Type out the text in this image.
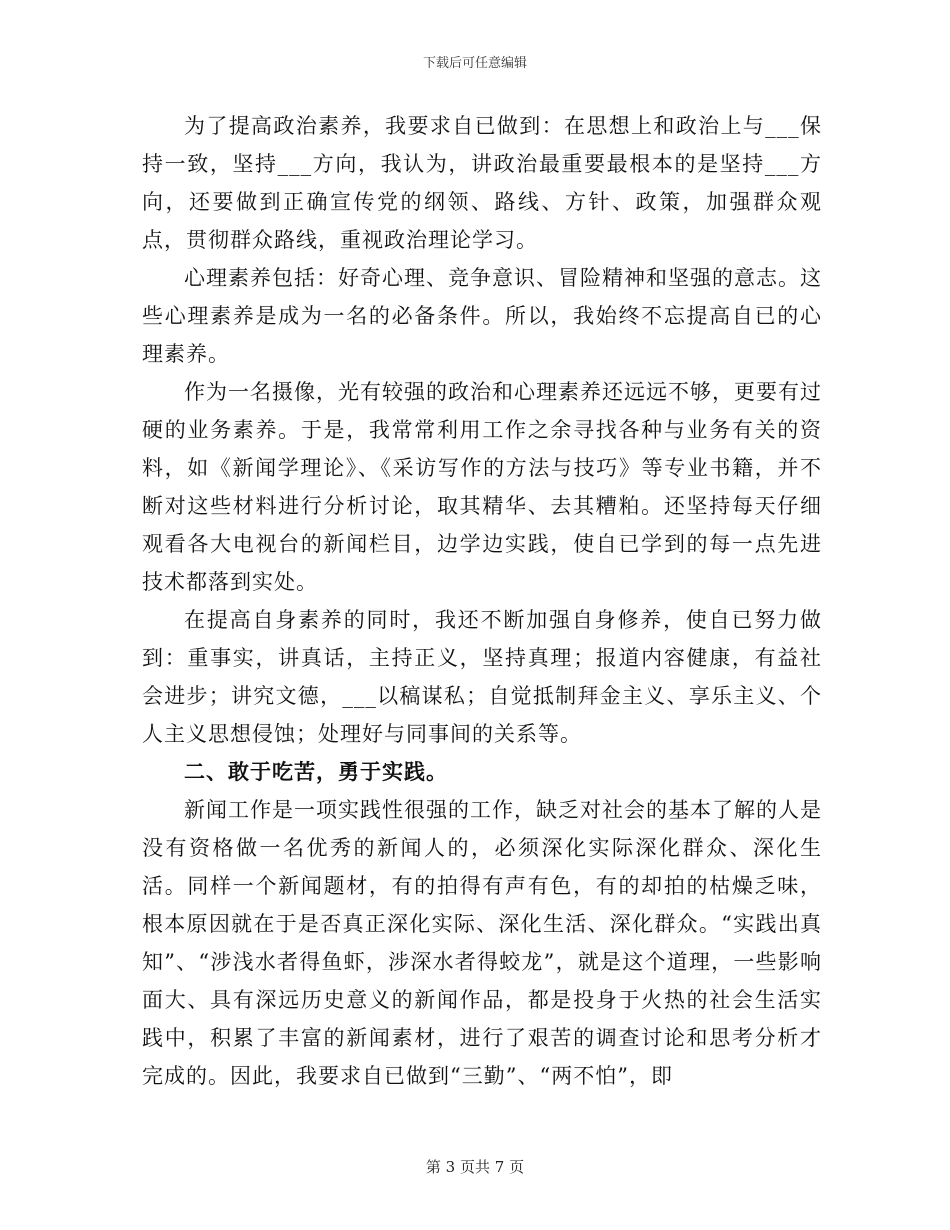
下载后可任意编辑

为了提高政治素养，我要求自已做到：在思想上和政治上与___保持一致，坚持___方向，我认为，讲政治最重要最根本的是坚持___方向，还要做到正确宣传党的纲领、路线、方针、政策，加强群众观点，贯彻群众路线，重视政治理论学习。

心理素养包括：好奇心理、竞争意识、冒险精神和坚强的意志。这些心理素养是成为一名的必备条件。所以，我始终不忘提高自已的心理素养。

作为一名摄像，光有较强的政治和心理素养还远远不够，更要有过硬的业务素养。于是，我常常利用工作之余寻找各种与业务有关的资料，如《新闻学理论》、《采访写作的方法与技巧》等专业书籍，并不断对这些材料进行分析讨论，取其精华、去其糟粕。还坚持每天仔细观看各大电视台的新闻栏目，边学边实践，使自已学到的每一点先进技术都落到实处。

在提高自身素养的同时，我还不断加强自身修养，使自已努力做到：重事实，讲真话，主持正义，坚持真理；报道内容健康，有益社会进步；讲究文德，___以稿谋私；自觉抵制拜金主义、享乐主义、个人主义思想侵蚀；处理好与同事间的关系等。

二、敢于吃苦，勇于实践。

新闻工作是一项实践性很强的工作，缺乏对社会的基本了解的人是没有资格做一名优秀的新闻人的，必须深化实际深化群众、深化生活。同样一个新闻题材，有的拍得有声有色，有的却拍的枯燥乏味，根本原因就在于是否真正深化实际、深化生活、深化群众。“实践出真知”、“涉浅水者得鱼虾，涉深水者得蛟龙”，就是这个道理，一些影响面大、具有深远历史意义的新闻作品，都是投身于火热的社会生活实践中，积累了丰富的新闻素材，进行了艰苦的调查讨论和思考分析才完成的。因此，我要求自已做到“三勤”、“两不怕”，即

第 3 页共 7 页
